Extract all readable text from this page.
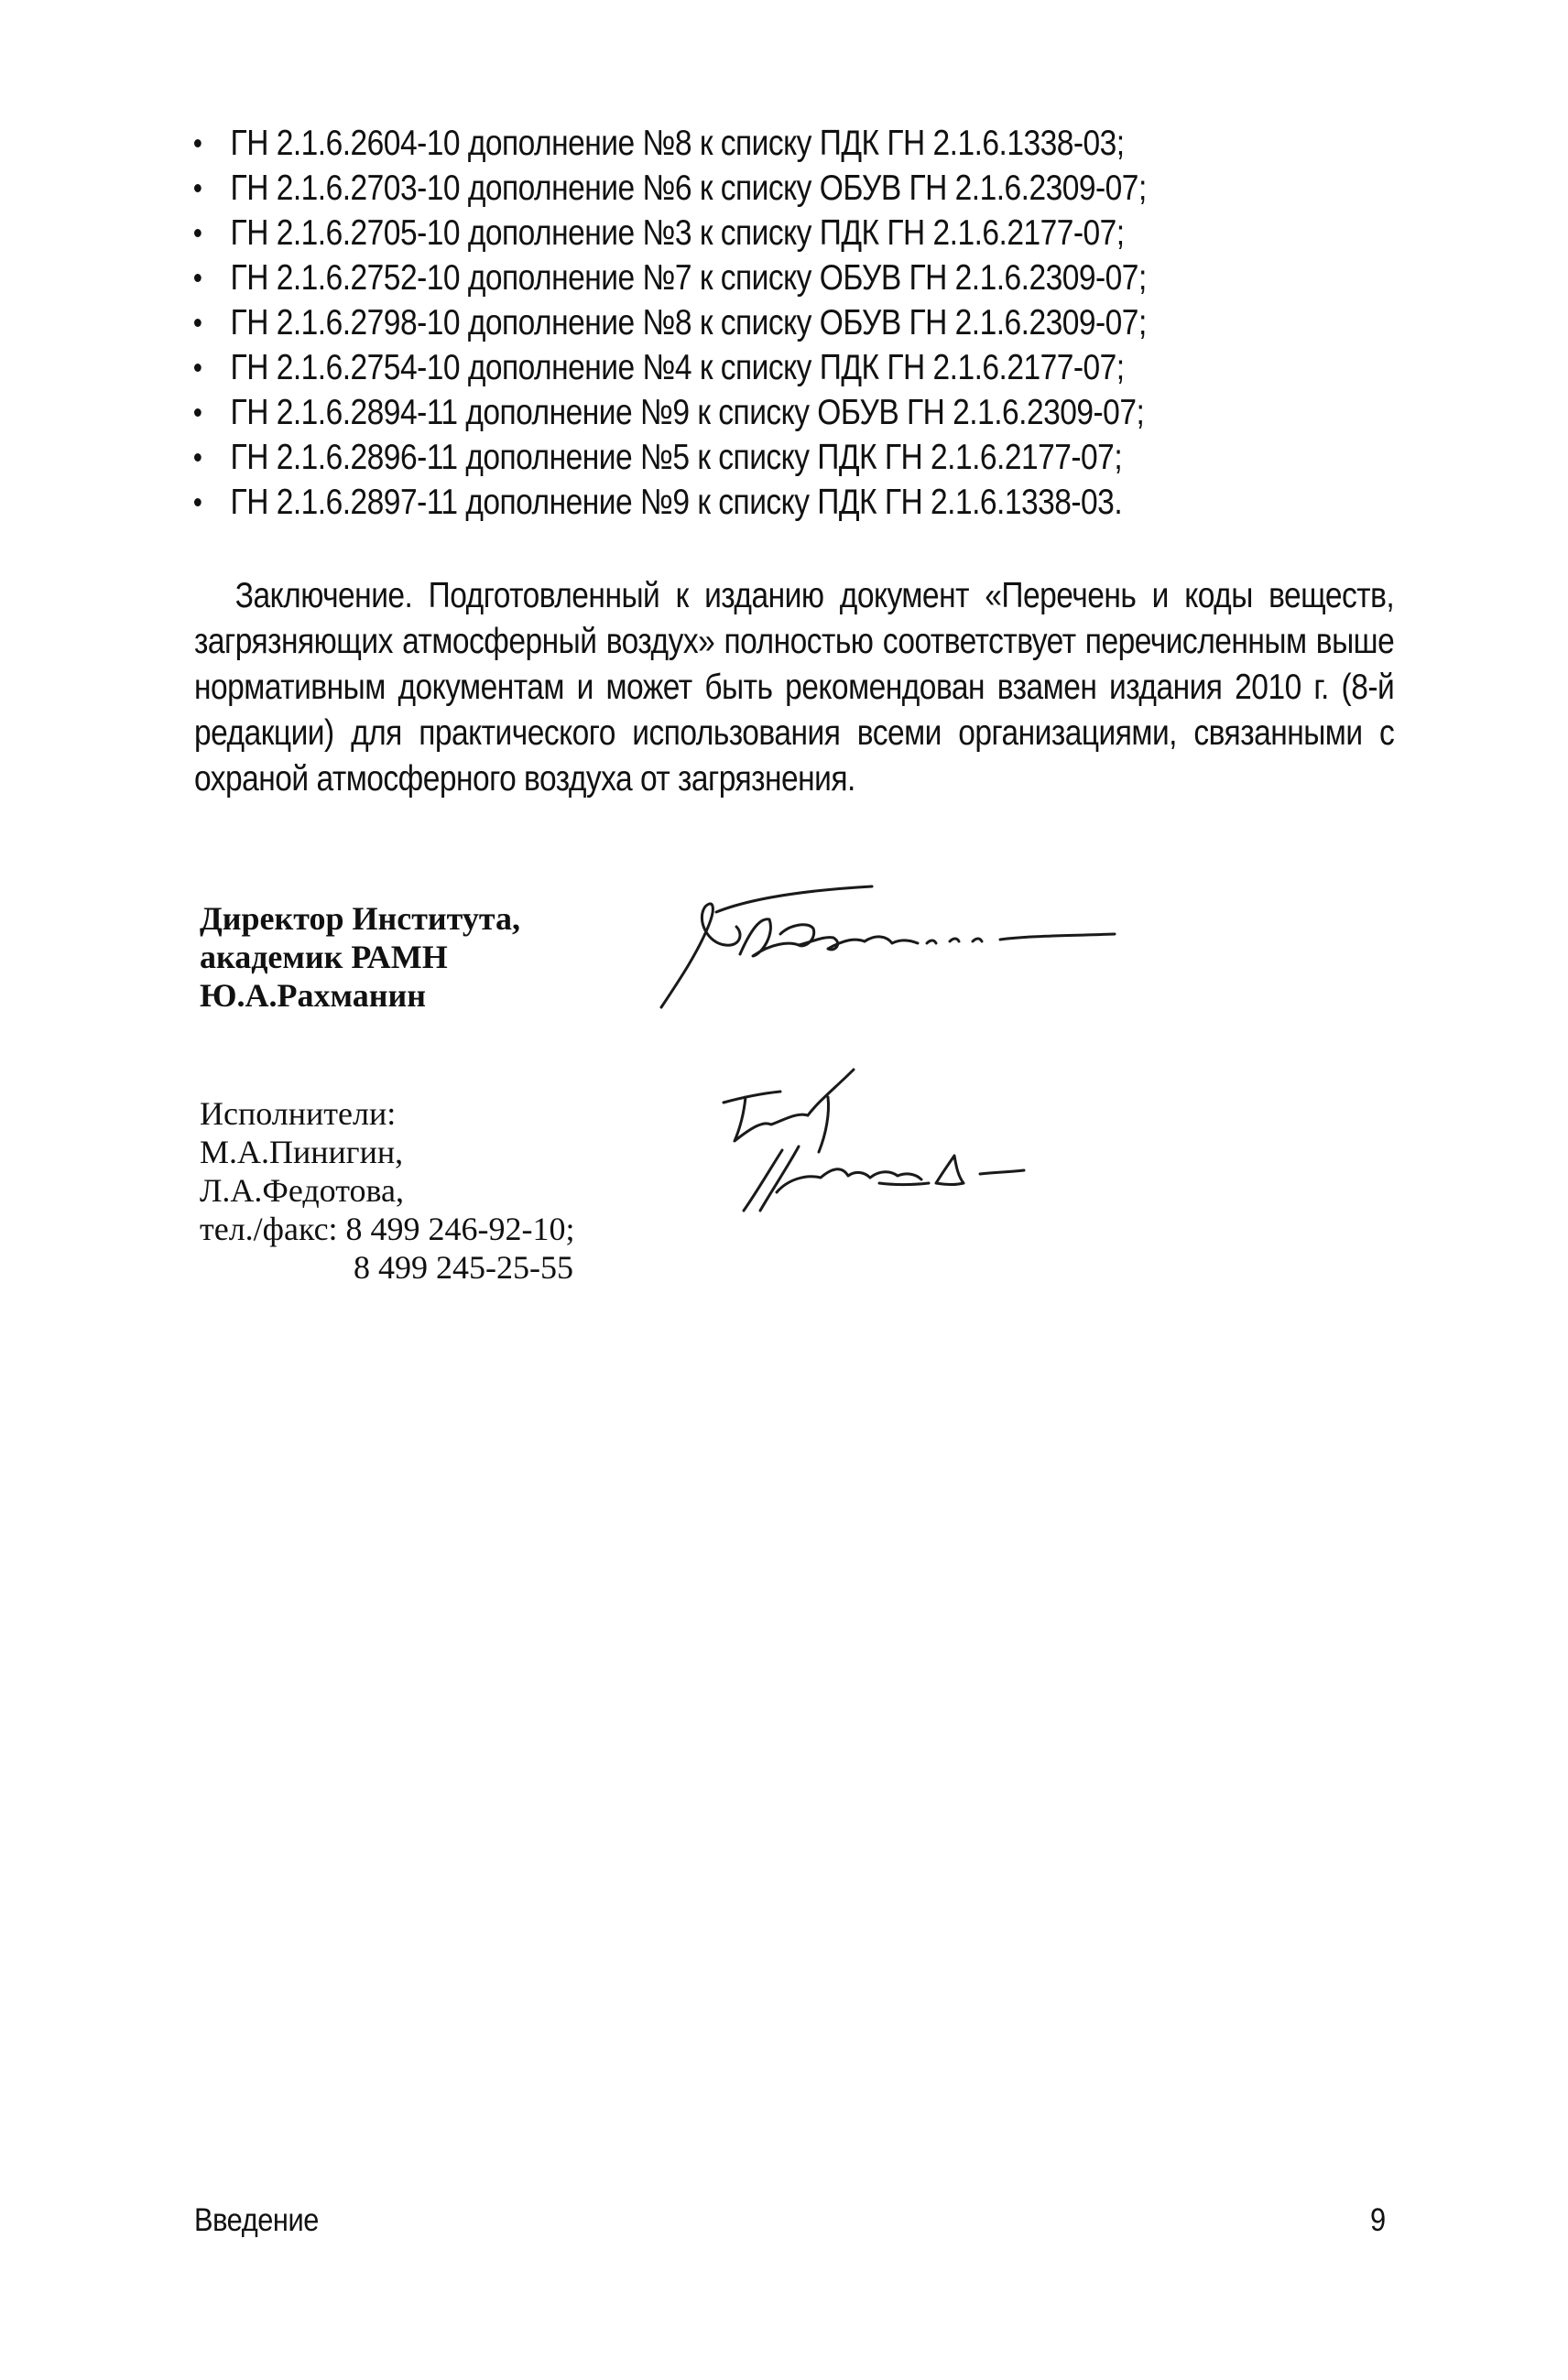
ГН 2.1.6.2604-10 дополнение №8 к списку ПДК ГН 2.1.6.1338-03;
ГН 2.1.6.2703-10 дополнение №6 к списку ОБУВ ГН 2.1.6.2309-07;
ГН 2.1.6.2705-10 дополнение №3 к списку ПДК ГН 2.1.6.2177-07;
ГН 2.1.6.2752-10 дополнение №7 к списку ОБУВ ГН 2.1.6.2309-07;
ГН 2.1.6.2798-10 дополнение №8 к списку ОБУВ ГН 2.1.6.2309-07;
ГН 2.1.6.2754-10 дополнение №4 к списку ПДК ГН 2.1.6.2177-07;
ГН 2.1.6.2894-11 дополнение №9 к списку ОБУВ ГН 2.1.6.2309-07;
ГН 2.1.6.2896-11 дополнение №5 к списку ПДК ГН 2.1.6.2177-07;
ГН 2.1.6.2897-11 дополнение №9 к списку ПДК ГН 2.1.6.1338-03.

Заключение. Подготовленный к изданию документ «Перечень и коды веществ,
загрязняющих атмосферный воздух» полностью соответствует перечисленным выше
нормативным документам и может быть рекомендован взамен издания 2010 г. (8-й
редакции) для практического использования всеми организациями, связанными с
охраной атмосферного воздуха от загрязнения.

Директор Института,
академик РАМН
Ю.А.Рахманин
Исполнители:
М.А.Пинигин,
Л.А.Федотова,
тел./факс: 8 499 246-92-10;
8 499 245-25-55
Введение	9
